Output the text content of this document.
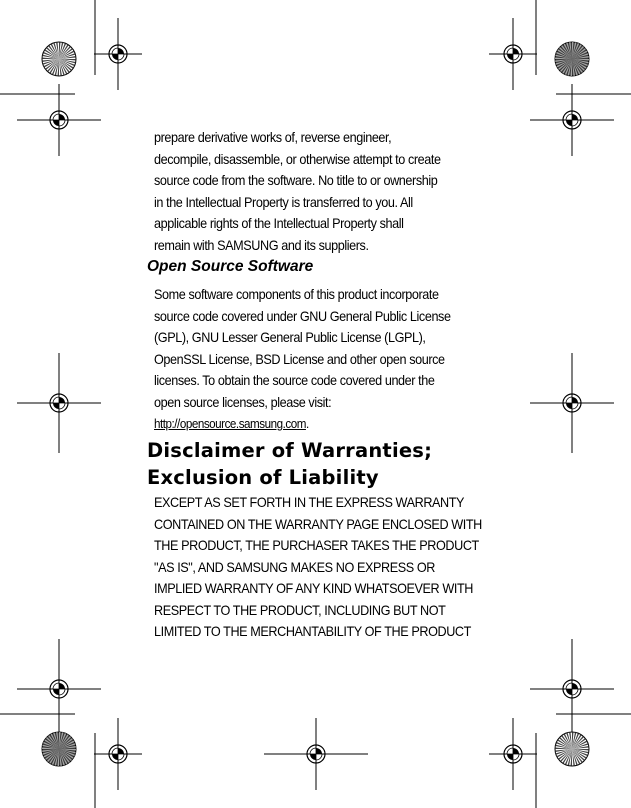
prepare derivative works of, reverse engineer,
decompile, disassemble, or otherwise attempt to create
source code from the software. No title to or ownership
in the Intellectual Property is transferred to you. All
applicable rights of the Intellectual Property shall
remain with SAMSUNG and its suppliers.
Open Source Software
Some software components of this product incorporate
source code covered under GNU General Public License
(GPL), GNU Lesser General Public License (LGPL),
OpenSSL License, BSD License and other open source
licenses. To obtain the source code covered under the
open source licenses, please visit:

http://opensource.samsung.com.

Disclaimer of Warranties;
Exclusion of Liability
EXCEPT AS SET FORTH IN THE EXPRESS WARRANTY
CONTAINED ON THE WARRANTY PAGE ENCLOSED WITH
THE PRODUCT, THE PURCHASER TAKES THE PRODUCT
"AS IS", AND SAMSUNG MAKES NO EXPRESS OR
IMPLIED WARRANTY OF ANY KIND WHATSOEVER WITH
RESPECT TO THE PRODUCT, INCLUDING BUT NOT
LIMITED TO THE MERCHANTABILITY OF THE PRODUCT
